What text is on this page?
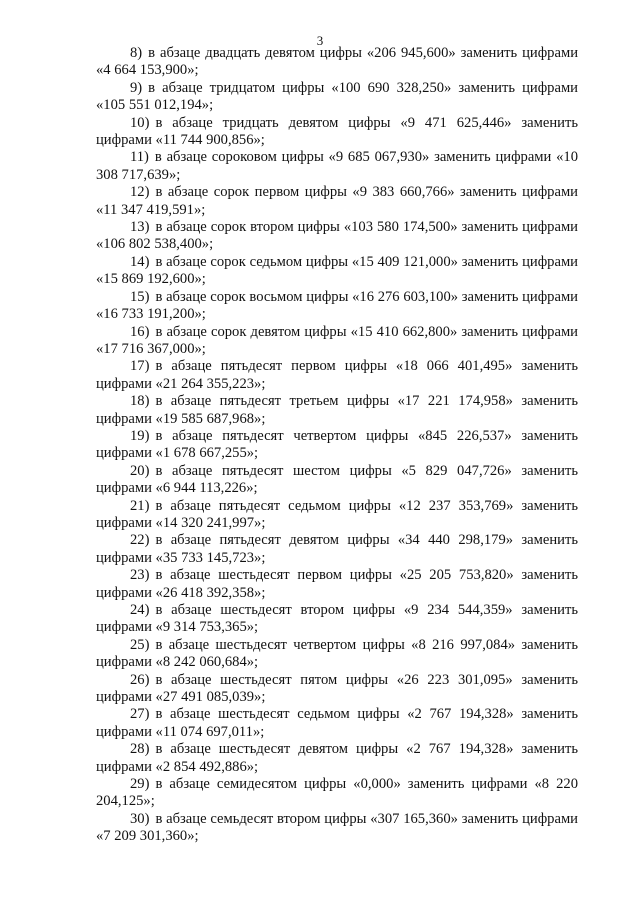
3

8) в абзаце двадцать девятом цифры «206 945,600» заменить цифрами «4 664 153,900»;

9) в абзаце тридцатом цифры «100 690 328,250» заменить цифрами «105 551 012,194»;

10) в абзаце тридцать девятом цифры «9 471 625,446» заменить цифрами «11 744 900,856»;

11) в абзаце сороковом цифры «9 685 067,930» заменить цифрами «10 308 717,639»;

12) в абзаце сорок первом цифры «9 383 660,766» заменить цифрами «11 347 419,591»;

13) в абзаце сорок втором цифры «103 580 174,500» заменить цифрами «106 802 538,400»;

14) в абзаце сорок седьмом цифры «15 409 121,000» заменить цифрами «15 869 192,600»;

15) в абзаце сорок восьмом цифры «16 276 603,100» заменить цифрами «16 733 191,200»;

16) в абзаце сорок девятом цифры «15 410 662,800» заменить цифрами «17 716 367,000»;

17) в абзаце пятьдесят первом цифры «18 066 401,495» заменить цифрами «21 264 355,223»;

18) в абзаце пятьдесят третьем цифры «17 221 174,958» заменить цифрами «19 585 687,968»;

19) в абзаце пятьдесят четвертом цифры «845 226,537» заменить цифрами «1 678 667,255»;

20) в абзаце пятьдесят шестом цифры «5 829 047,726» заменить цифрами «6 944 113,226»;

21) в абзаце пятьдесят седьмом цифры «12 237 353,769» заменить цифрами «14 320 241,997»;

22) в абзаце пятьдесят девятом цифры «34 440 298,179» заменить цифрами «35 733 145,723»;

23) в абзаце шестьдесят первом цифры «25 205 753,820» заменить цифрами «26 418 392,358»;

24) в абзаце шестьдесят втором цифры «9 234 544,359» заменить цифрами «9 314 753,365»;

25) в абзаце шестьдесят четвертом цифры «8 216 997,084» заменить цифрами «8 242 060,684»;

26) в абзаце шестьдесят пятом цифры «26 223 301,095» заменить цифрами «27 491 085,039»;

27) в абзаце шестьдесят седьмом цифры «2 767 194,328» заменить цифрами «11 074 697,011»;

28) в абзаце шестьдесят девятом цифры «2 767 194,328» заменить цифрами «2 854 492,886»;

29) в абзаце семидесятом цифры «0,000» заменить цифрами «8 220 204,125»;

30) в абзаце семьдесят втором цифры «307 165,360» заменить цифрами «7 209 301,360»;
